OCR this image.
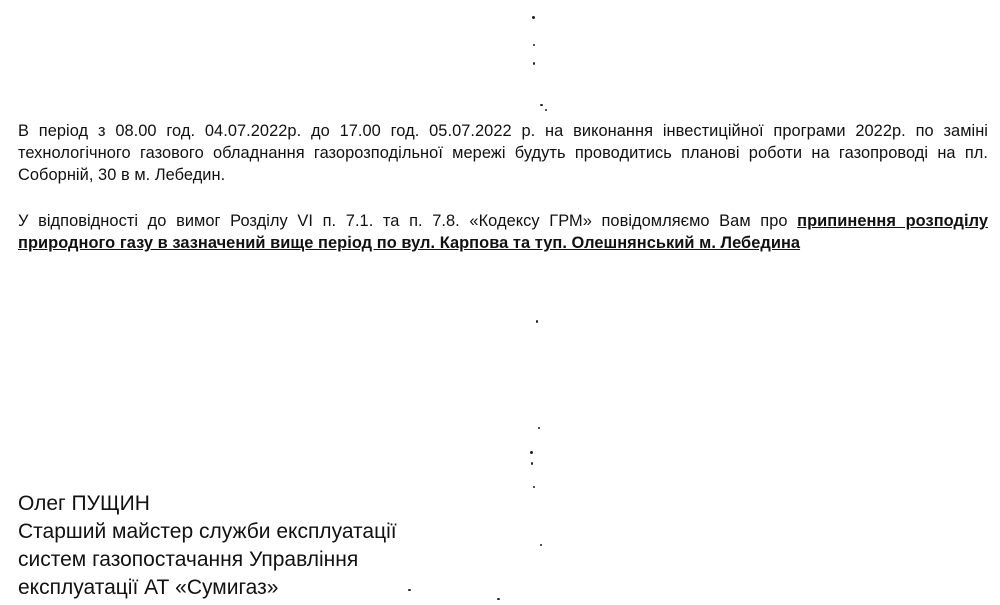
В період з 08.00 год. 04.07.2022р. до 17.00 год. 05.07.2022 р. на виконання інвестиційної програми 2022р. по заміні технологічного газового обладнання газорозподільної мережі будуть проводитись планові роботи на газопроводі на пл. Соборній, 30 в м. Лебедин.

У відповідності до вимог Розділу VI п. 7.1. та п. 7.8. «Кодексу ГРМ» повідомляємо Вам про припинення розподілу природного газу в зазначений вище період по вул. Карпова та туп. Олешнянський м. Лебедина

Олег ПУЩИН
Старший майстер служби експлуатації
систем газопостачання Управління
експлуатації АТ «Сумигаз»
